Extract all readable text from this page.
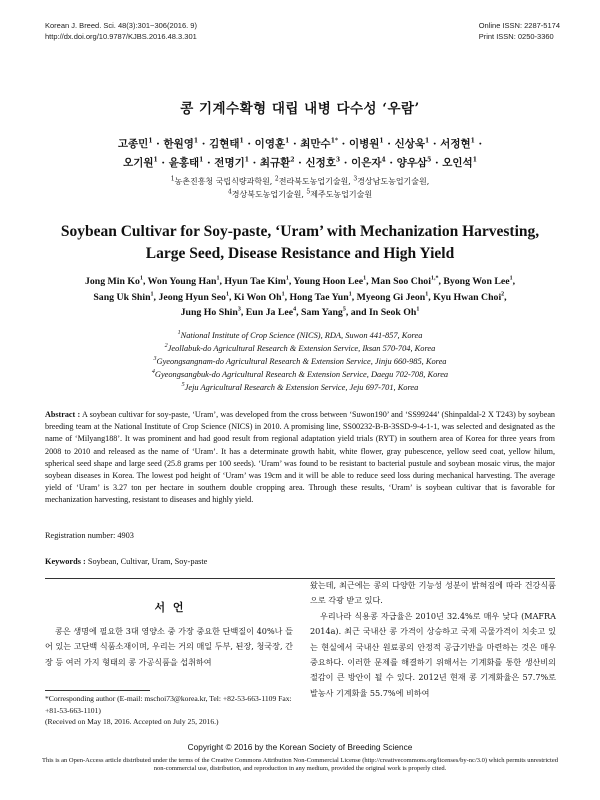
Korean J. Breed. Sci. 48(3):301~306(2016. 9)
http://dx.doi.org/10.9787/KJBS.2016.48.3.301
Online ISSN: 2287-5174
Print ISSN: 0250-3360
콩 기계수확형 대립 내병 다수성 ‘우람’
고종민$^1$ · 한원영$^1$ · 김현태$^1$ · 이영훈$^1$ · 최만수$^{1*}$ · 이병원$^1$ · 신상욱$^1$ · 서정현$^1$ ·
오기원$^1$ · 윤홍태$^1$ · 전명기$^1$ · 최규환$^2$ · 신정호$^3$ · 이은자$^4$ · 양우삼$^5$ · 오인석$^1$
$^1$농촌진흥청 국립식량과학원, $^2$전라북도농업기술원, $^3$경상남도농업기술원,
$^4$경상북도농업기술원, $^5$제주도농업기술원
Soybean Cultivar for Soy-paste, ‘Uram’ with Mechanization Harvesting,
Large Seed, Disease Resistance and High Yield
Jong Min Ko$^1$, Won Young Han$^1$, Hyun Tae Kim$^1$, Young Hoon Lee$^1$, Man Soo Choi$^{1,*}$, Byong Won Lee$^1$,
Sang Uk Shin$^1$, Jeong Hyun Seo$^1$, Ki Won Oh$^1$, Hong Tae Yun$^1$, Myeong Gi Jeon$^1$, Kyu Hwan Choi$^2$,
Jung Ho Shin$^3$, Eun Ja Lee$^4$, Sam Yang$^5$, and In Seok Oh$^1$
$^1$National Institute of Crop Science (NICS), RDA, Suwon 441-857, Korea
$^2$Jeollabuk-do Agricultural Research & Extension Service, Iksan 570-704, Korea
$^3$Gyeongsangnam-do Agricultural Research & Extension Service, Jinju 660-985, Korea
$^4$Gyeongsangbuk-do Agricultural Research & Extension Service, Daegu 702-708, Korea
$^5$Jeju Agricultural Research & Extension Service, Jeju 697-701, Korea
Abstract : A soybean cultivar for soy-paste, ‘Uram’, was developed from the cross between ‘Suwon190’ and ‘SS99244’ (Shinpaldal-2 X T243) by soybean breeding team at the National Institute of Crop Science (NICS) in 2010. A promising line, SS00232-B-B-3SSD-9-4-1-1, was selected and designated as the name of ‘Milyang188’. It was prominent and had good result from regional adaptation yield trials (RYT) in southern area of Korea for three years from 2008 to 2010 and released as the name of ‘Uram’. It has a determinate growth habit, white flower, gray pubescence, yellow seed coat, yellow hilum, spherical seed shape and large seed (25.8 grams per 100 seeds). ‘Uram’ was found to be resistant to bacterial pustule and soybean mosaic virus, the major soybean diseases in Korea. The lowest pod height of ‘Uram’ was 19cm and it will be able to reduce seed loss during mechanical harvesting. The average yield of ‘Uram’ is 3.27 ton per hectare in southern double cropping area. Through these results, ‘Uram’ is soybean cultivar that is favorable for mechanization harvesting, resistant to diseases and highly yield.
Registration number: 4903
Keywords : Soybean, Cultivar, Uram, Soy-paste
서 언
콩은 생명에 필요한 3대 영양소 중 가장 중요한 단백질이 40%나 들어 있는 고단백 식품소재이며, 우리는 거의 매일 두부, 된장, 청국장, 간장 등 여러 가지 형태의 콩 가공식품을 섭취하여

왔는데, 최근에는 콩의 다양한 기능성 성분이 밝혀짐에 따라 건강식품으로 각광 받고 있다.

우리나라 식용콩 자급율은 2010년 32.4%로 매우 낮다 (MAFRA 2014a). 최근 국내산 콩 가격이 상승하고 국제 곡물가격이 치솟고 있는 현실에서 국내산 원료콩의 안정적 공급기반을 마련하는 것은 매우 중요하다. 이러한 문제를 해결하기 위해서는 기계화를 통한 생산비의 절감이 큰 방안이 될 수 있다. 2012년 현재 콩 기계화율은 57.7%로 발농사 기계화율 55.7%에 비하여

*Corresponding author (E-mail: mschoi73@korea.kr, Tel: +82-53-663-1109 Fax: +81-53-663-1101)
(Received on May 18, 2016. Accepted on July 25, 2016.)
Copyright © 2016 by the Korean Society of Breeding Science
This is an Open-Access article distributed under the terms of the Creative Commons Attribution Non-Commercial License (http://creativecommons.org/licenses/by-nc/3.0) which permits unrestricted non-commercial use, distribution, and reproduction in any medium, provided the original work is properly cited.
